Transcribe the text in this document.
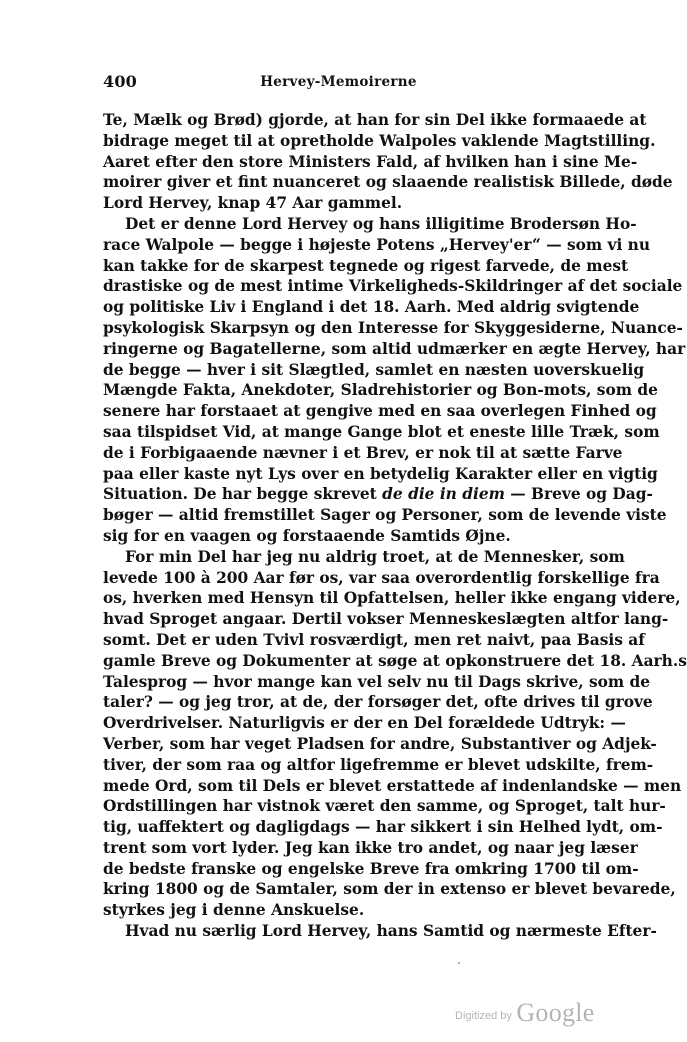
400	Hervey-Memoirerne
Te, Mælk og Brød) gjorde, at han for sin Del ikke formaaede at
bidrage meget til at opretholde Walpoles vaklende Magtstilling.
Aaret efter den store Ministers Fald, af hvilken han i sine Me-
moirer giver et fint nuanceret og slaaende realistisk Billede, døde
Lord Hervey, knap 47 Aar gammel.
Det er denne Lord Hervey og hans illigitime Brodersøn Ho-
race Walpole — begge i højeste Potens „Hervey'er“ — som vi nu
kan takke for de skarpest tegnede og rigest farvede, de mest
drastiske og de mest intime Virkeligheds-Skildringer af det sociale
og politiske Liv i England i det 18. Aarh. Med aldrig svigtende
psykologisk Skarpsyn og den Interesse for Skyggesiderne, Nuance-
ringerne og Bagatellerne, som altid udmærker en ægte Hervey, har
de begge — hver i sit Slægtled, samlet en næsten uoverskuelig
Mængde Fakta, Anekdoter, Sladrehistorier og Bon-mots, som de
senere har forstaaet at gengive med en saa overlegen Finhed og
saa tilspidset Vid, at mange Gange blot et eneste lille Træk, som
de i Forbigaaende nævner i et Brev, er nok til at sætte Farve
paa eller kaste nyt Lys over en betydelig Karakter eller en vigtig
Situation. De har begge skrevet de die in diem — Breve og Dag-
bøger — altid fremstillet Sager og Personer, som de levende viste
sig for en vaagen og forstaaende Samtids Øjne.
For min Del har jeg nu aldrig troet, at de Mennesker, som
levede 100 à 200 Aar før os, var saa overordentlig forskellige fra
os, hverken med Hensyn til Opfattelsen, heller ikke engang videre,
hvad Sproget angaar. Dertil vokser Menneskeslægten altfor lang-
somt. Det er uden Tvivl rosværdigt, men ret naivt, paa Basis af
gamle Breve og Dokumenter at søge at opkonstruere det 18. Aarh.s
Talesprog — hvor mange kan vel selv nu til Dags skrive, som de
taler? — og jeg tror, at de, der forsøger det, ofte drives til grove
Overdrivelser. Naturligvis er der en Del forældede Udtryk: —
Verber, som har veget Pladsen for andre, Substantiver og Adjek-
tiver, der som raa og altfor ligefremme er blevet udskilte, frem-
mede Ord, som til Dels er blevet erstattede af indenlandske — men
Ordstillingen har vistnok været den samme, og Sproget, talt hur-
tig, uaffektert og dagligdags — har sikkert i sin Helhed lydt, om-
trent som vort lyder. Jeg kan ikke tro andet, og naar jeg læser
de bedste franske og engelske Breve fra omkring 1700 til om-
kring 1800 og de Samtaler, som der in extenso er blevet bevarede,
styrkes jeg i denne Anskuelse.
Hvad nu særlig Lord Hervey, hans Samtid og nærmeste Efter-
Digitized by Google
